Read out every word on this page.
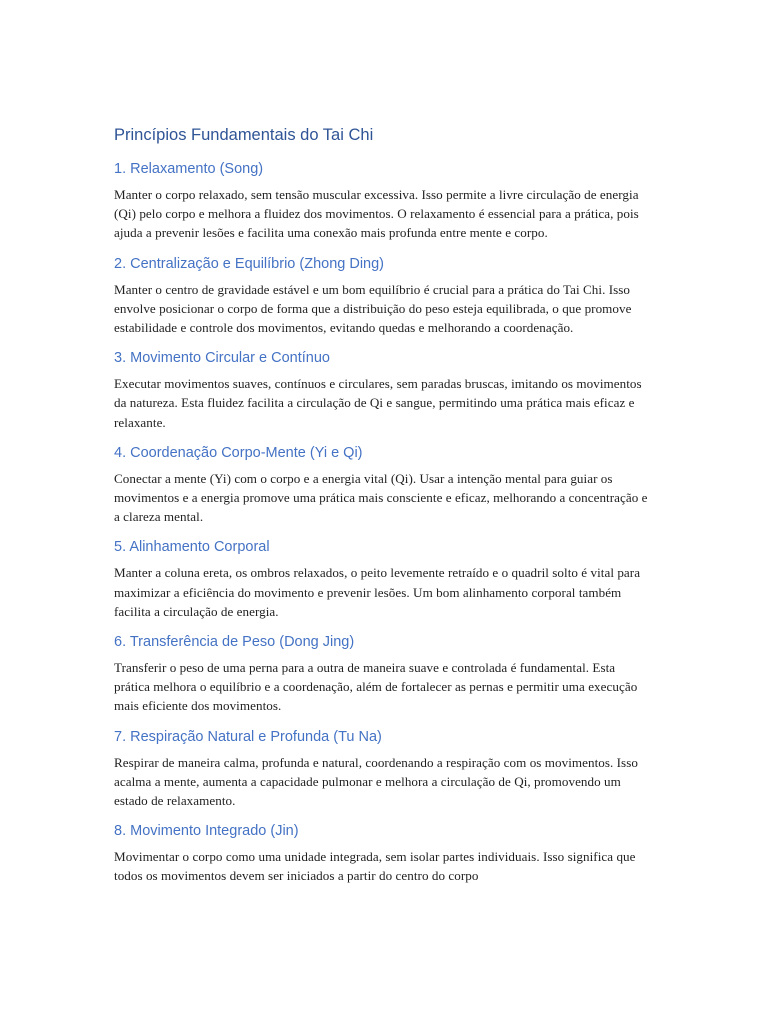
Princípios Fundamentais do Tai Chi
1. Relaxamento (Song)

Manter o corpo relaxado, sem tensão muscular excessiva. Isso permite a livre circulação de energia (Qi) pelo corpo e melhora a fluidez dos movimentos. O relaxamento é essencial para a prática, pois ajuda a prevenir lesões e facilita uma conexão mais profunda entre mente e corpo.

2. Centralização e Equilíbrio (Zhong Ding)

Manter o centro de gravidade estável e um bom equilíbrio é crucial para a prática do Tai Chi. Isso envolve posicionar o corpo de forma que a distribuição do peso esteja equilibrada, o que promove estabilidade e controle dos movimentos, evitando quedas e melhorando a coordenação.

3. Movimento Circular e Contínuo

Executar movimentos suaves, contínuos e circulares, sem paradas bruscas, imitando os movimentos da natureza. Esta fluidez facilita a circulação de Qi e sangue, permitindo uma prática mais eficaz e relaxante.

4. Coordenação Corpo-Mente (Yi e Qi)

Conectar a mente (Yi) com o corpo e a energia vital (Qi). Usar a intenção mental para guiar os movimentos e a energia promove uma prática mais consciente e eficaz, melhorando a concentração e a clareza mental.

5. Alinhamento Corporal

Manter a coluna ereta, os ombros relaxados, o peito levemente retraído e o quadril solto é vital para maximizar a eficiência do movimento e prevenir lesões. Um bom alinhamento corporal também facilita a circulação de energia.

6. Transferência de Peso (Dong Jing)

Transferir o peso de uma perna para a outra de maneira suave e controlada é fundamental. Esta prática melhora o equilíbrio e a coordenação, além de fortalecer as pernas e permitir uma execução mais eficiente dos movimentos.

7. Respiração Natural e Profunda (Tu Na)

Respirar de maneira calma, profunda e natural, coordenando a respiração com os movimentos. Isso acalma a mente, aumenta a capacidade pulmonar e melhora a circulação de Qi, promovendo um estado de relaxamento.

8. Movimento Integrado (Jin)

Movimentar o corpo como uma unidade integrada, sem isolar partes individuais. Isso significa que todos os movimentos devem ser iniciados a partir do centro do corpo
